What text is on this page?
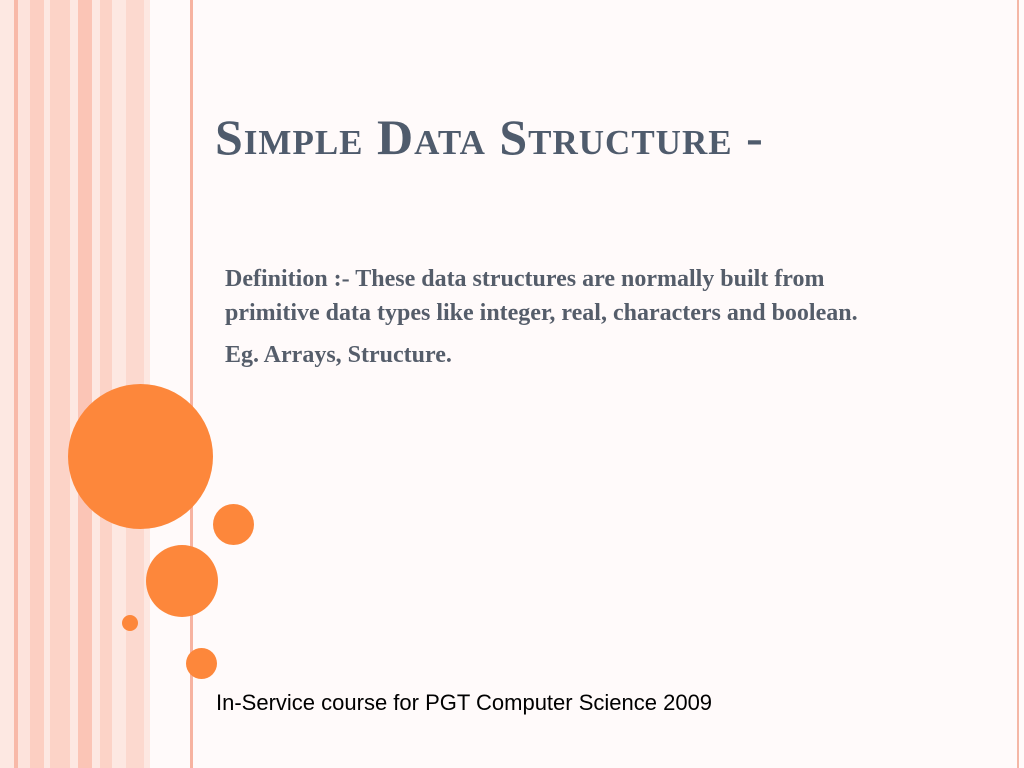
Simple Data Structure -

Definition :- These data structures are normally built from primitive data types like integer, real, characters and boolean.

Eg. Arrays, Structure.

In-Service course for PGT Computer Science 2009
